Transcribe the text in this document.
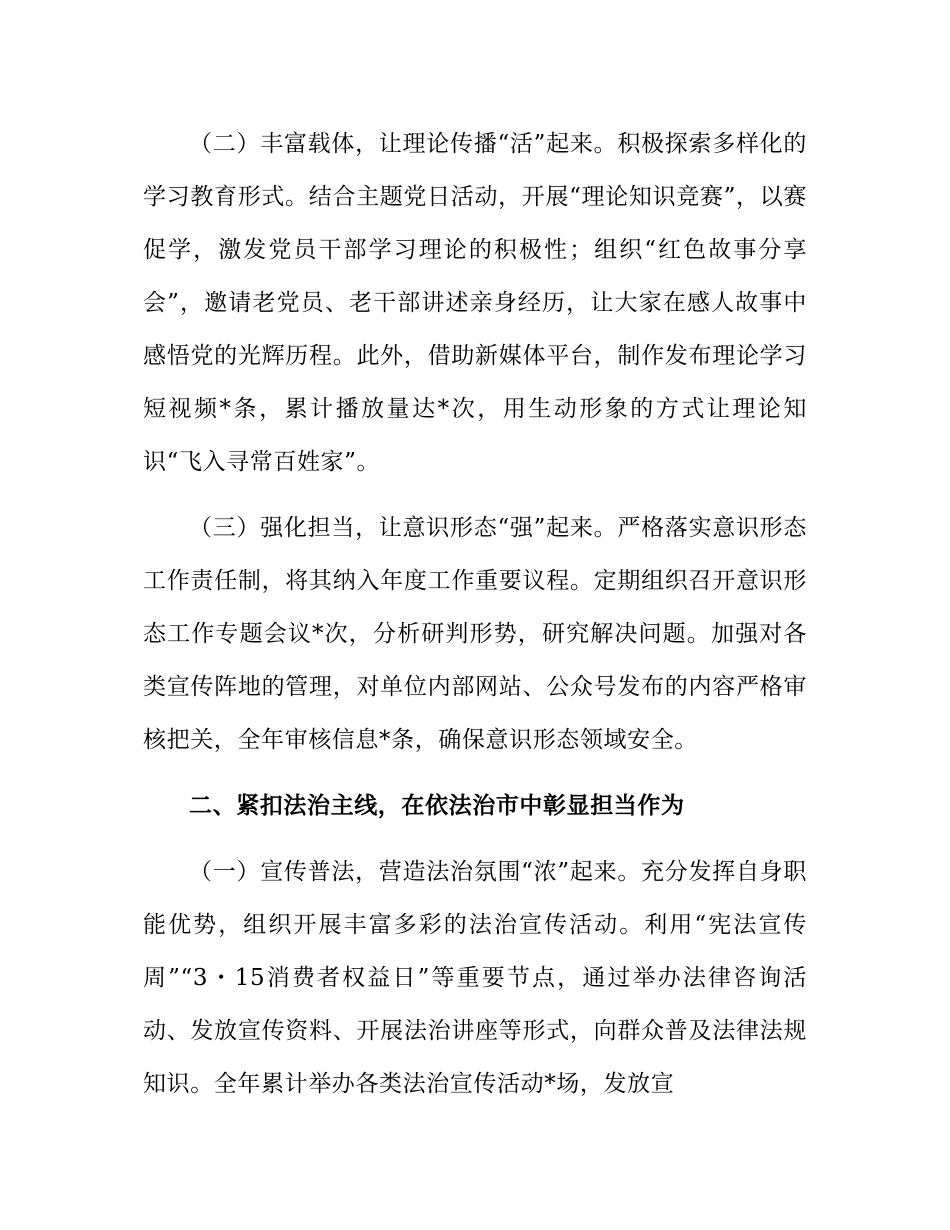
（二）丰富载体，让理论传播“活”起来。积极探索多样化的学习教育形式。结合主题党日活动，开展“理论知识竞赛”，以赛促学，激发党员干部学习理论的积极性；组织“红色故事分享会”，邀请老党员、老干部讲述亲身经历，让大家在感人故事中感悟党的光辉历程。此外，借助新媒体平台，制作发布理论学习短视频*条，累计播放量达*次，用生动形象的方式让理论知识“飞入寻常百姓家”。

（三）强化担当，让意识形态“强”起来。严格落实意识形态工作责任制，将其纳入年度工作重要议程。定期组织召开意识形态工作专题会议*次，分析研判形势，研究解决问题。加强对各类宣传阵地的管理，对单位内部网站、公众号发布的内容严格审核把关，全年审核信息*条，确保意识形态领域安全。

二、紧扣法治主线，在依法治市中彰显担当作为

（一）宣传普法，营造法治氛围“浓”起来。充分发挥自身职能优势，组织开展丰富多彩的法治宣传活动。利用“宪法宣传周”“3・15消费者权益日”等重要节点，通过举办法律咨询活动、发放宣传资料、开展法治讲座等形式，向群众普及法律法规知识。全年累计举办各类法治宣传活动*场，发放宣
